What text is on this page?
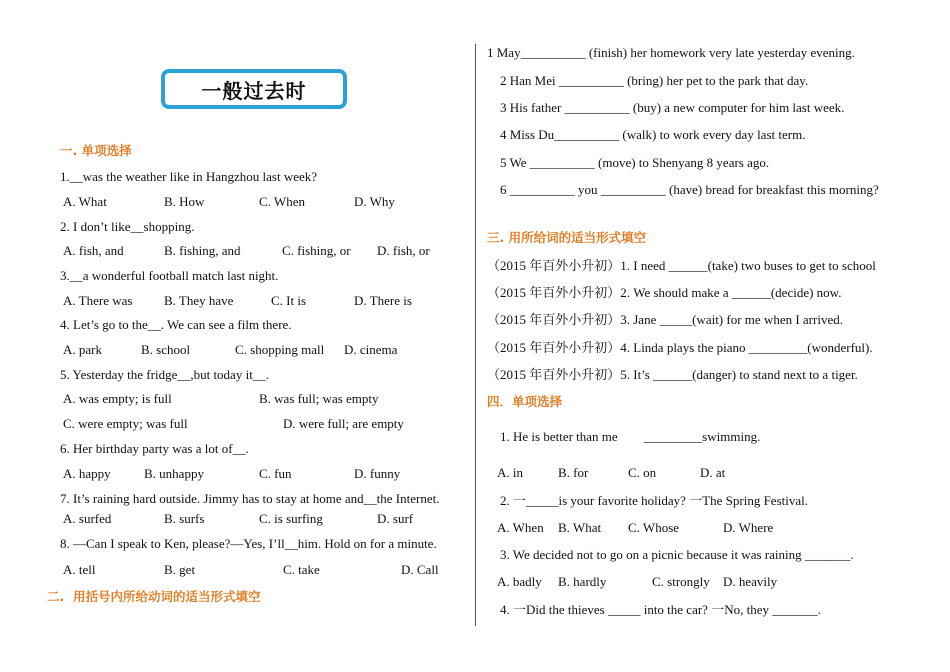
一般过去时
一. 单项选择
1.__was the weather like in Hangzhou last week?
A. What	B. How	C. When	D. Why
2. I don’t like__shopping.
A. fish, and	B. fishing, and	C. fishing, or D. fish, or
3.__a wonderful football match last night.
A. There was B. They have	C. It is	D. There is
4. Let’s go to the__. We can see a film there.
A. park	B. school	C. shopping mall D. cinema
5. Yesterday the fridge__,but today it__.
A. was empty; is full	B. was full; was empty
C. were empty; was full	D. were full; are empty
6. Her birthday party was a lot of__.
A. happy	B. unhappy	C. fun	D. funny
7. It’s raining hard outside. Jimmy has to stay at home and__the Internet.
A. surfed	B. surfs	C. is surfing	D. surf
8. —Can I speak to Ken, please?—Yes, I’ll__him. Hold on for a minute.
A. tell	B. get	C. take	D. Call
二.  用括号内所给动词的适当形式填空
1 May__________ (finish) her homework very late yesterday evening.
2 Han Mei __________ (bring) her pet to the park that day.
3 His father __________ (buy) a new computer for him last week.
4 Miss Du__________ (walk) to work every day last term.
5 We __________ (move) to Shenyang 8 years ago.
6 __________ you __________ (have) bread for breakfast this morning?
三. 用所给词的适当形式填空
（2015 年百外小升初）1. I need ______(take) two buses to get to school
（2015 年百外小升初）2. We should make a ______(decide) now.
（2015 年百外小升初）3. Jane _____(wait) for me when I arrived.
（2015 年百外小升初）4. Linda plays the piano _________(wonderful).
（2015 年百外小升初）5. It’s ______(danger) to stand next to a tiger.
四．单项选择
1. He is better than me        _________swimming.
A. in	B. for	C. on	D. at
2. 一_____is your favorite holiday? 一The Spring Festival.
A. When B. What C. Whose	D. Where
3. We decided not to go on a picnic because it was raining _______.
A. badly B. hardly	C. strongly D. heavily
4. 一Did the thieves _____ into the car? 一No, they _______.
